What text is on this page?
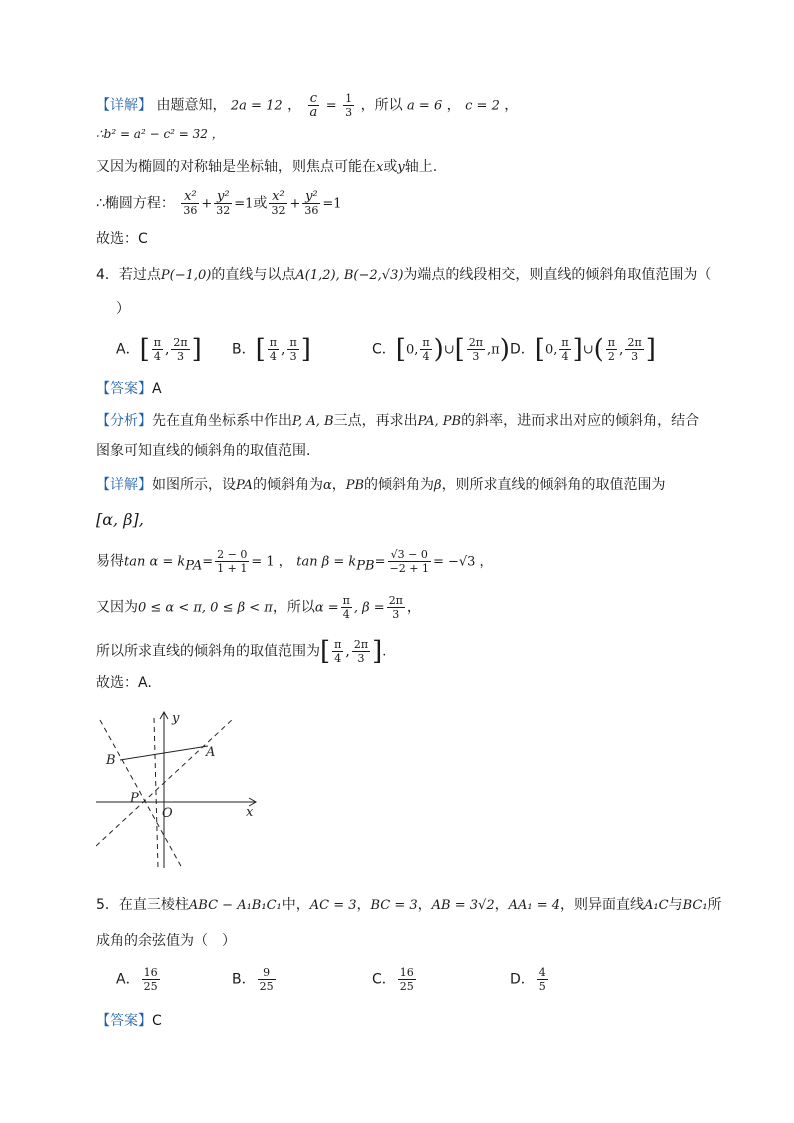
【详解】 由题意知， 2a = 12 ， $\frac{c}{a} = \frac{1}{3}$ ，所以 a = 6 ， c = 2 ，
∴b² = a² − c² = 32 ，
又因为椭圆的对称轴是坐标轴，则焦点可能在x或y轴上.
∴椭圆方程： $\frac{\text{x²}}{36} + \frac{\text{y²}}{32} =1$或 $\frac{\text{x²}}{32} + \frac{\text{y²}}{36} =1$
故选：C
4．若过点P(−1,0)的直线与以点A(1,2), B(−2,√3)为端点的线段相交，则直线的倾斜角取值范围为（
）
A．[ $\frac{\pi}{4}$ , $\frac{2\pi}{3}$ ] B．[ $\frac{\pi}{4}$ , $\frac{\pi}{3}$ ]	C．[0, $\frac{\pi}{4}$ )∪[ $\frac{2\pi}{3} ,\pi$) D．[0, $\frac{\pi}{4}$ ]∪( $\frac{\pi}{2}$ , $\frac{2\pi}{3}$ ]
【答案】A
【分析】先在直角坐标系中作出P, A, B三点，再求出PA, PB的斜率，进而求出对应的倾斜角，结合
图象可知直线的倾斜角的取值范围.
【详解】如图所示，设PA的倾斜角为α，PB的倾斜角为β，则所求直线的倾斜角的取值范围为
[α, β],
易得$\tan \alpha = k_{PA}= \frac{2 - 0}{1 + 1} = 1$ ， $\tan \beta = k_{PB}= \frac{√3 - 0}{-2 + 1} = -√3$ ，
又因为0 ≤ α < π, 0 ≤ β < π，所以$\alpha = \frac{\pi}{4}$ , $\beta = \frac{2\pi}{3}$ ，
所以所求直线的倾斜角的取值范围为[ $\frac{\pi}{4}$ , $\frac{2\pi}{3}$ ].
故选：A.
y
x
A
B
P
O
5．在直三棱柱ABC − A₁B₁C₁中，AC = 3，BC = 3，AB = 3√2，AA₁ = 4，则异面直线A₁C与BC₁所
成角的余弦值为（　）
A． $\frac{16}{25}$	B． $\frac{9}{25}$	C． $\frac{16}{25}$	D． $\frac{4}{5}$
【答案】C
